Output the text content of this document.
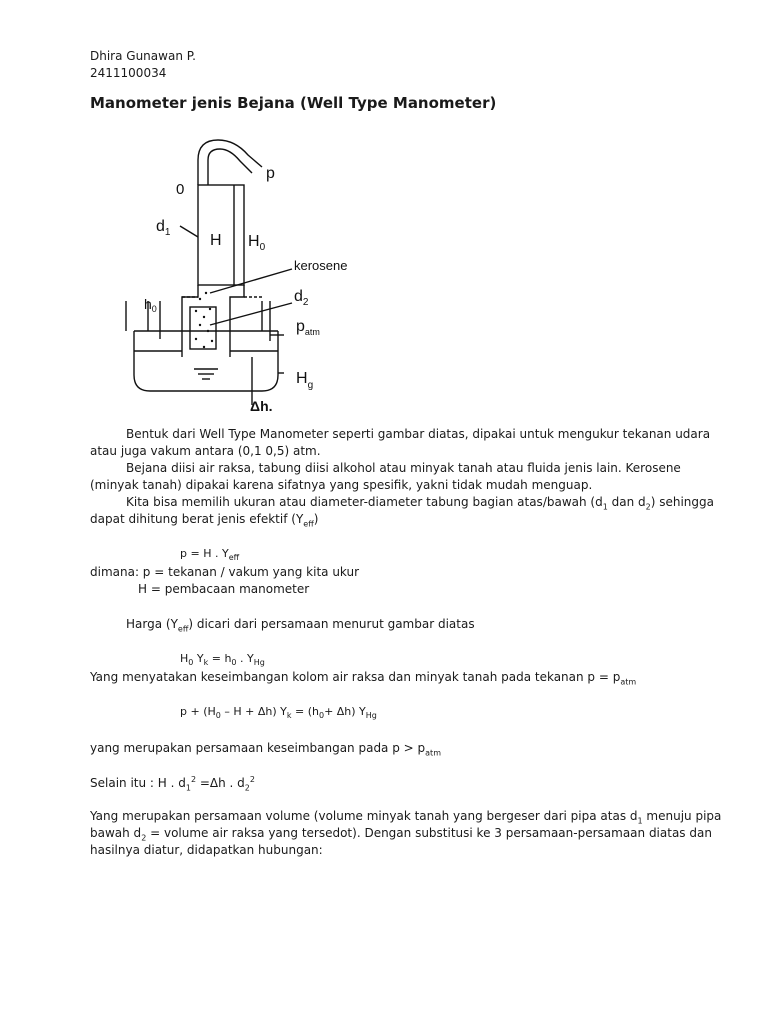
Dhira Gunawan P.
2411100034
Manometer jenis Bejana (Well Type Manometer)
0
p
$d_1$ H $H_0$
kerosene
$d_2$
$h_0$
$p_{atm}$
$H_g$
Δh.
Bentuk dari Well Type Manometer seperti gambar diatas, dipakai untuk mengukur tekanan udara
atau juga vakum antara (0,1 0,5) atm.
Bejana diisi air raksa, tabung diisi alkohol atau minyak tanah atau fluida jenis lain. Kerosene
(minyak tanah) dipakai karena sifatnya yang spesifik, yakni tidak mudah menguap.
Kita bisa memilih ukuran atau diameter-diameter tabung bagian atas/bawah ($d_1$ dan $d_2$) sehingga
dapat dihitung berat jenis efektif $(\Upsilon_{eff})$
p = H . $\Upsilon_{eff}$
dimana: p = tekanan / vakum yang kita ukur
H = pembacaan manometer
Harga $(\Upsilon_{eff})$ dicari dari persamaan menurut gambar diatas
$H_0$ $\Upsilon_k = h_0$ . $\Upsilon_{Hg}$
Yang menyatakan keseimbangan kolom air raksa dan minyak tanah pada tekanan $p = p_{atm}$
$p + (H_0 - H + \Delta h) \Upsilon_k = (h_0+ \Delta h)$ $\Upsilon_{Hg}$
yang merupakan persamaan keseimbangan pada $p > p_{atm}$
Selain itu : H . $d_1^2 =\Delta h$ . $d_2^2$
Yang merupakan persamaan volume (volume minyak tanah yang bergeser dari pipa atas $d_1$ menuju pipa
bawah $d_2$ = volume air raksa yang tersedot). Dengan substitusi ke 3 persamaan-persamaan diatas dan
hasilnya diatur, didapatkan hubungan:
